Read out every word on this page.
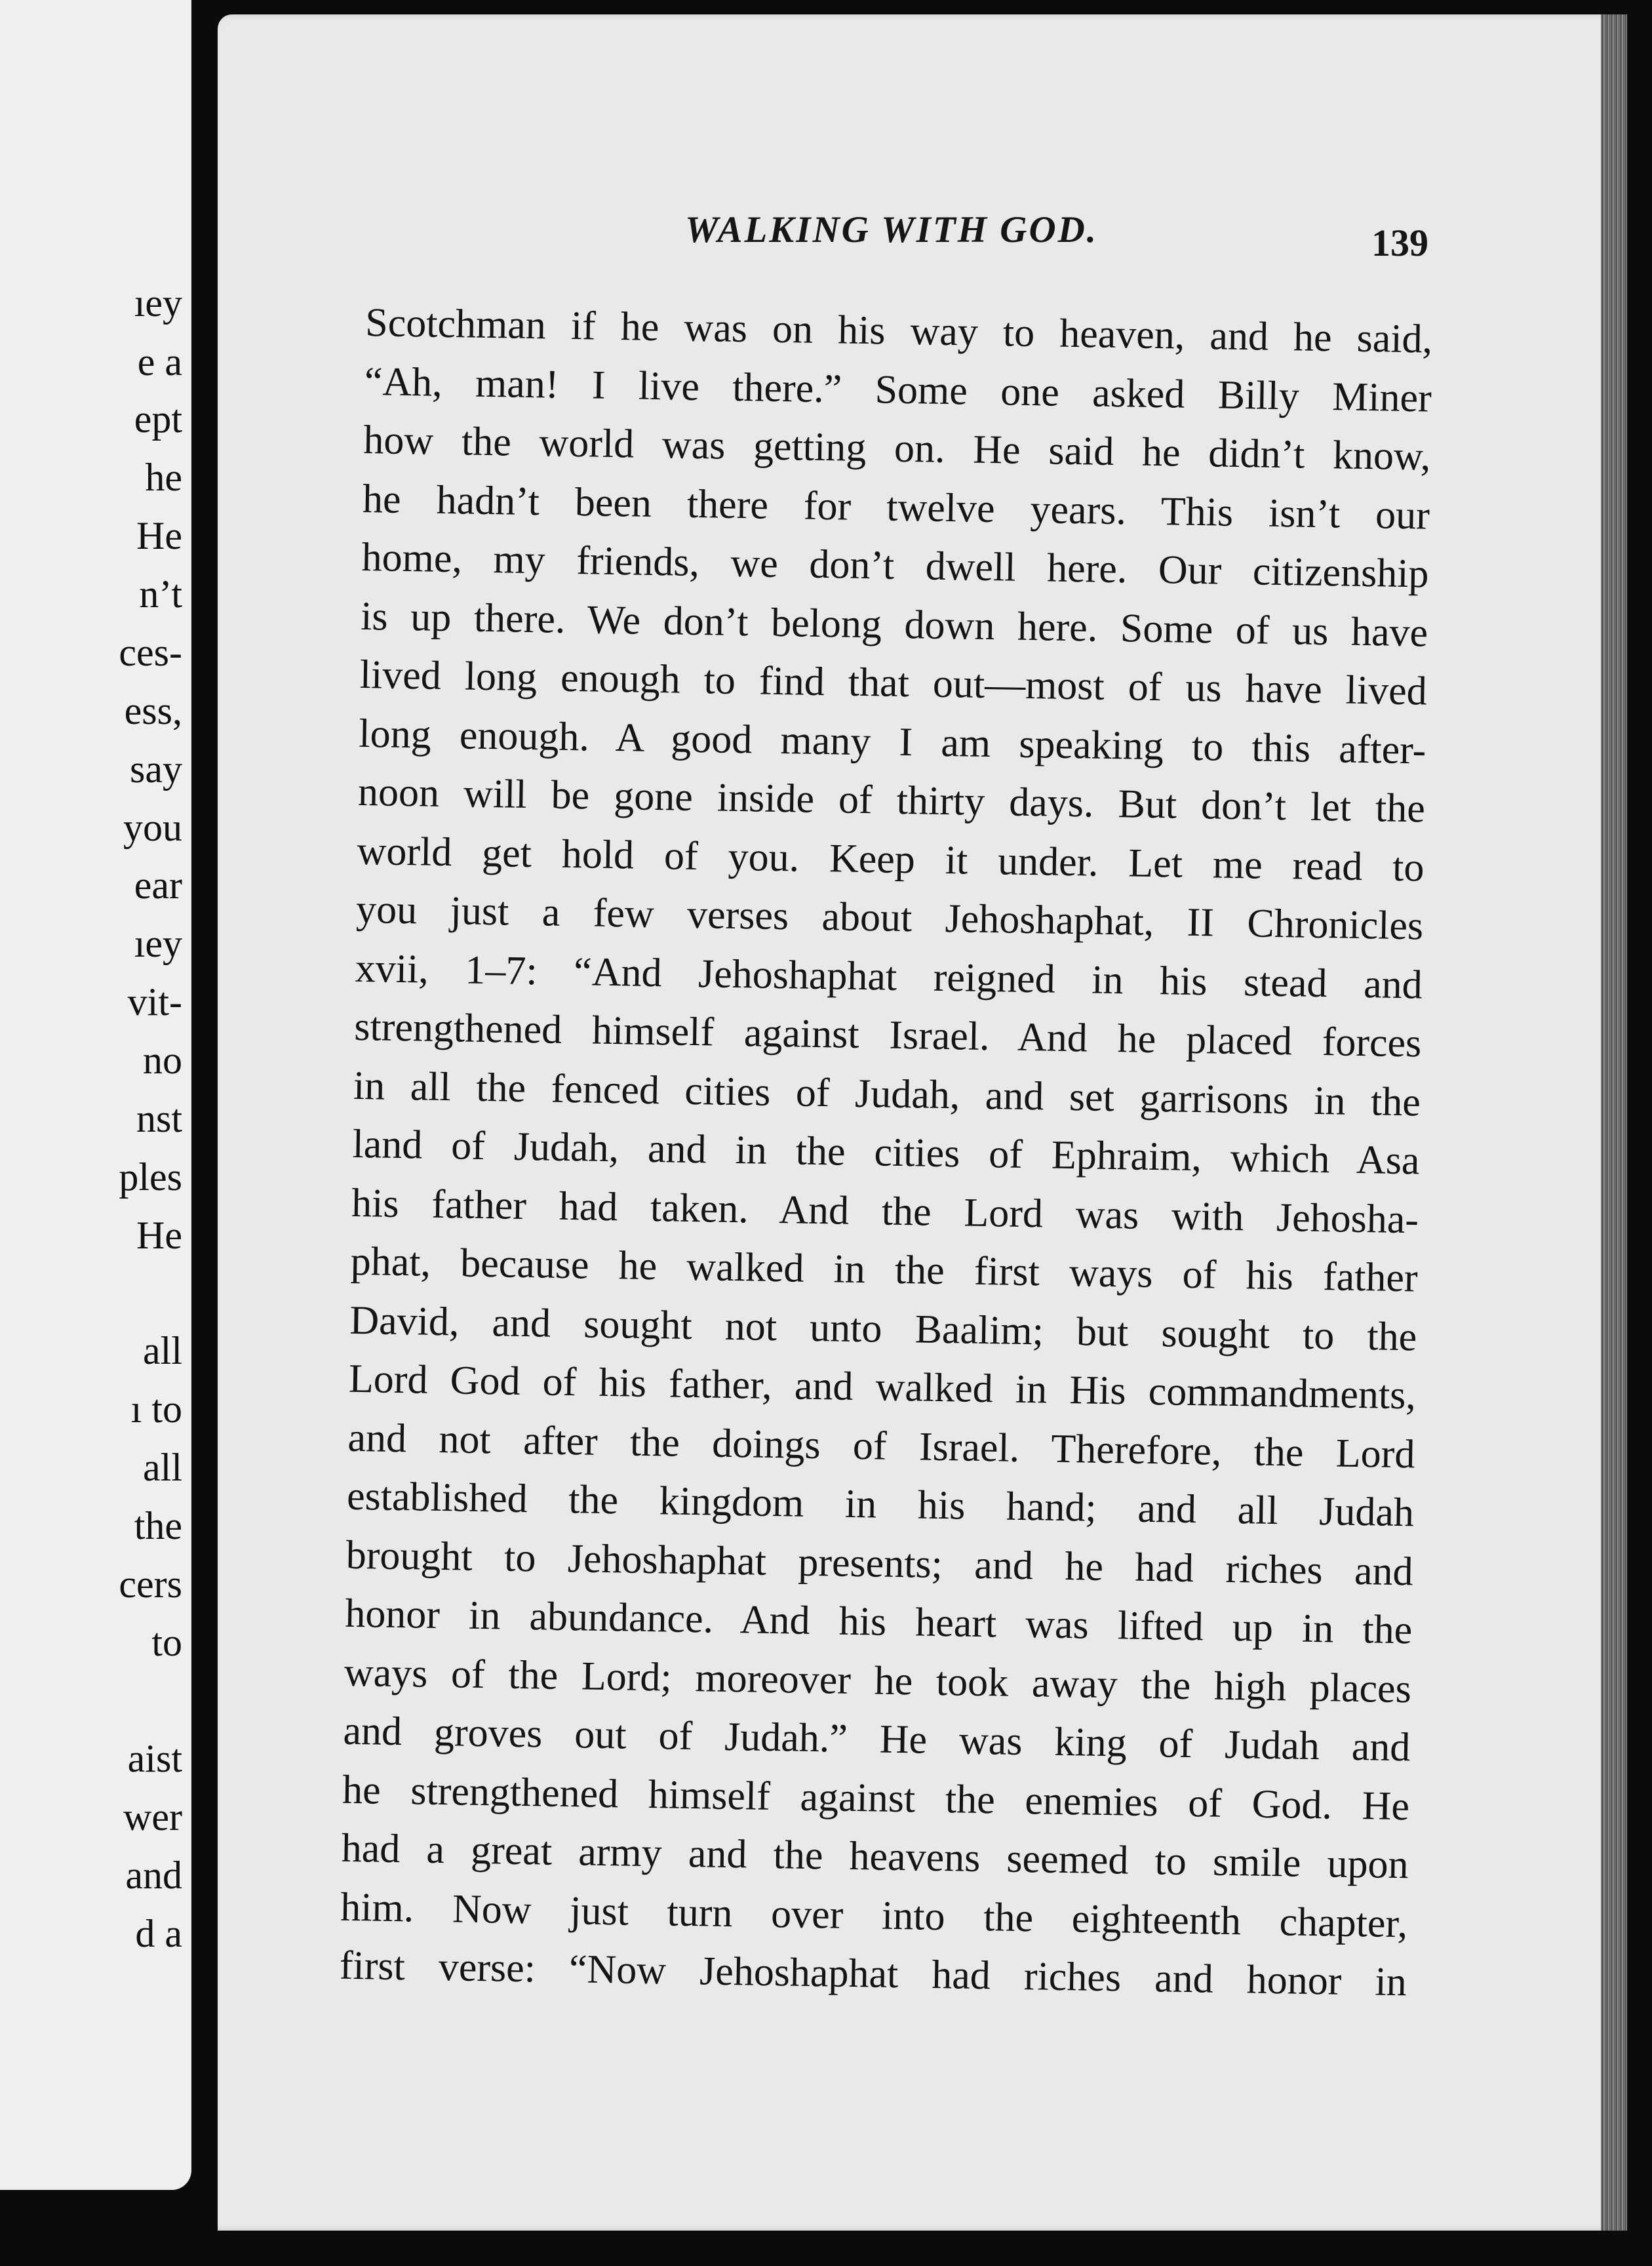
ıey
e a
ept
he
He
n’t
ces-
ess,
say
you
ear
ıey
vit-
no
nst
ples
He
all
ı to
all
the
cers
to
aist
wer
and
d a
WALKING WITH GOD.	139
Scotchman if he was on his way to heaven, and he said,
“Ah, man! I live there.” Some one asked Billy Miner
how the world was getting on. He said he didn’t know,
he hadn’t been there for twelve years. This isn’t our
home, my friends, we don’t dwell here. Our citizenship
is up there. We don’t belong down here. Some of us have
lived long enough to find that out—most of us have lived
long enough. A good many I am speaking to this after-
noon will be gone inside of thirty days. But don’t let the
world get hold of you. Keep it under. Let me read to
you just a few verses about Jehoshaphat, II Chronicles
xvii, 1–7: “And Jehoshaphat reigned in his stead and
strengthened himself against Israel. And he placed forces
in all the fenced cities of Judah, and set garrisons in the
land of Judah, and in the cities of Ephraim, which Asa
his father had taken. And the Lord was with Jehosha-
phat, because he walked in the first ways of his father
David, and sought not unto Baalim; but sought to the
Lord God of his father, and walked in His commandments,
and not after the doings of Israel. Therefore, the Lord
established the kingdom in his hand; and all Judah
brought to Jehoshaphat presents; and he had riches and
honor in abundance. And his heart was lifted up in the
ways of the Lord; moreover he took away the high places
and groves out of Judah.” He was king of Judah and
he strengthened himself against the enemies of God. He
had a great army and the heavens seemed to smile upon
him. Now just turn over into the eighteenth chapter,
first verse: “Now Jehoshaphat had riches and honor in
